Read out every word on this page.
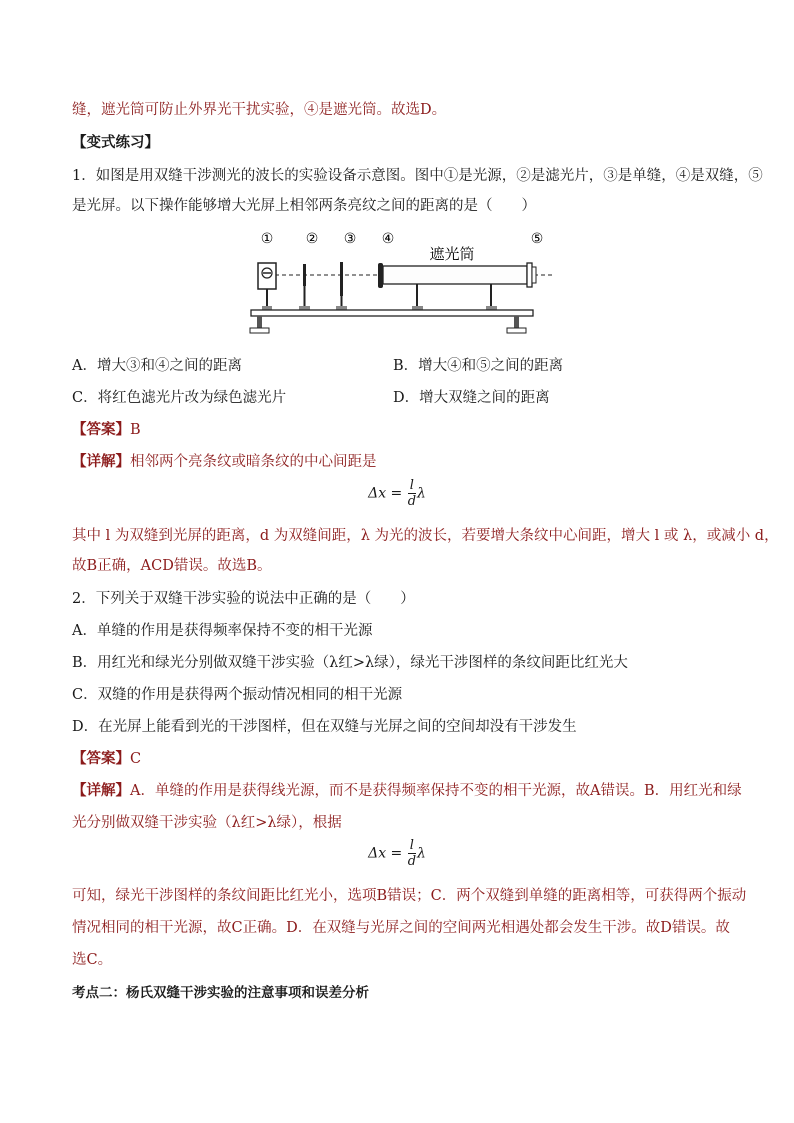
缝，遮光筒可防止外界光干扰实验，④是遮光筒。故选D。
【变式练习】
1．如图是用双缝干涉测光的波长的实验设备示意图。图中①是光源，②是滤光片，③是单缝，④是双缝，⑤
是光屏。以下操作能够增大光屏上相邻两条亮纹之间的距离的是（　　）
① ② ③ ④	⑤
遮光筒
A．增大③和④之间的距离	B．增大④和⑤之间的距离
C．将红色滤光片改为绿色滤光片	D．增大双缝之间的距离
【答案】B
【详解】相邻两个亮条纹或暗条纹的中心间距是
$\Delta x = \frac{l}{d}$ λ
其中 l 为双缝到光屏的距离，d 为双缝间距，λ 为光的波长，若要增大条纹中心间距，增大 l 或 λ，或减小 d，
故B正确，ACD错误。故选B。
2．下列关于双缝干涉实验的说法中正确的是（　　）
A．单缝的作用是获得频率保持不变的相干光源
B．用红光和绿光分别做双缝干涉实验（λ红>λ绿），绿光干涉图样的条纹间距比红光大
C．双缝的作用是获得两个振动情况相同的相干光源
D．在光屏上能看到光的干涉图样，但在双缝与光屏之间的空间却没有干涉发生
【答案】C
【详解】A．单缝的作用是获得线光源，而不是获得频率保持不变的相干光源，故A错误。B．用红光和绿
光分别做双缝干涉实验（λ红>λ绿），根据
$\Delta x = \frac{l}{d}$ λ
可知，绿光干涉图样的条纹间距比红光小，选项B错误；C．两个双缝到单缝的距离相等，可获得两个振动
情况相同的相干光源，故C正确。D．在双缝与光屏之间的空间两光相遇处都会发生干涉。故D错误。故
选C。
考点二：杨氏双缝干涉实验的注意事项和误差分析
